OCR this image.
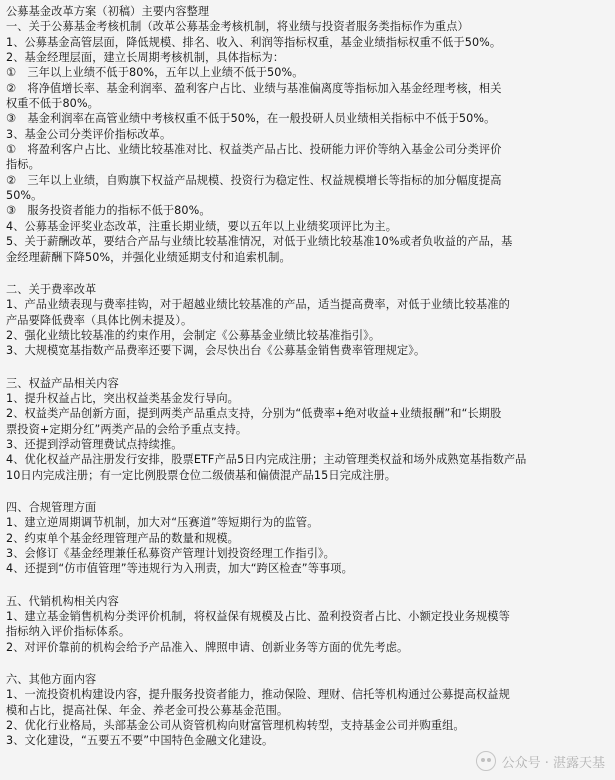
公募基金改革方案（初稿）主要内容整理
一、关于公募基金考核机制（改革公募基金考核机制，将业绩与投资者服务类指标作为重点）
1、公募基金高管层面，降低规模、排名、收入、利润等指标权重，基金业绩指标权重不低于50%。
2、基金经理层面，建立长周期考核机制，具体指标为：
①　三年以上业绩不低于80%，五年以上业绩不低于50%。
②　将净值增长率、基金利润率、盈利客户占比、业绩与基准偏离度等指标加入基金经理考核，相关
权重不低于80%。
③　基金利润率在高管业绩中考核权重不低于50%，在一般投研人员业绩相关指标中不低于50%。
3、基金公司分类评价指标改革。
①　将盈利客户占比、业绩比较基准对比、权益类产品占比、投研能力评价等纳入基金公司分类评价
指标。
②　三年以上业绩，自购旗下权益产品规模、投资行为稳定性、权益规模增长等指标的加分幅度提高
50%。
③　服务投资者能力的指标不低于80%。
4、公募基金评奖业态改革，注重长期业绩，要以五年以上业绩奖项评比为主。
5、关于薪酬改革，要结合产品与业绩比较基准情况，对低于业绩比较基准10%或者负收益的产品，基
金经理薪酬下降50%，并强化业绩延期支付和追索机制。
二、关于费率改革
1、产品业绩表现与费率挂钩，对于超越业绩比较基准的产品，适当提高费率，对低于业绩比较基准的
产品要降低费率（具体比例未提及）。
2、强化业绩比较基准的约束作用，会制定《公募基金业绩比较基准指引》。
3、大规模宽基指数产品费率还要下调，会尽快出台《公募基金销售费率管理规定》。
三、权益产品相关内容
1、提升权益占比，突出权益类基金发行导向。
2、权益类产品创新方面，提到两类产品重点支持，分别为“低费率+绝对收益+业绩报酬”和“长期股
票投资+定期分红”两类产品的会给予重点支持。
3、还提到浮动管理费试点持续推。
4、优化权益产品注册发行安排，股票ETF产品5日内完成注册；主动管理类权益和场外成熟宽基指数产品
10日内完成注册；有一定比例股票仓位二级债基和偏债混产品15日完成注册。
四、合规管理方面
1、建立逆周期调节机制，加大对“压赛道”等短期行为的监管。
2、约束单个基金经理管理产品的数量和规模。
3、会修订《基金经理兼任私募资产管理计划投资经理工作指引》。
4、还提到“仿市值管理”等违规行为入刑责，加大“跨区检查”等事项。
五、代销机构相关内容
1、建立基金销售机构分类评价机制，将权益保有规模及占比、盈利投资者占比、小额定投业务规模等
指标纳入评价指标体系。
2、对评价靠前的机构会给予产品准入、牌照申请、创新业务等方面的优先考虑。
六、其他方面内容
1、一流投资机构建设内容，提升服务投资者能力，推动保险、理财、信托等机构通过公募提高权益规
模和占比，提高社保、年金、养老金可投公募基金范围。
2、优化行业格局，头部基金公司从资管机构向财富管理机构转型，支持基金公司并购重组。
3、文化建设，“五要五不要”中国特色金融文化建设。
公众号 · 湛露天基
